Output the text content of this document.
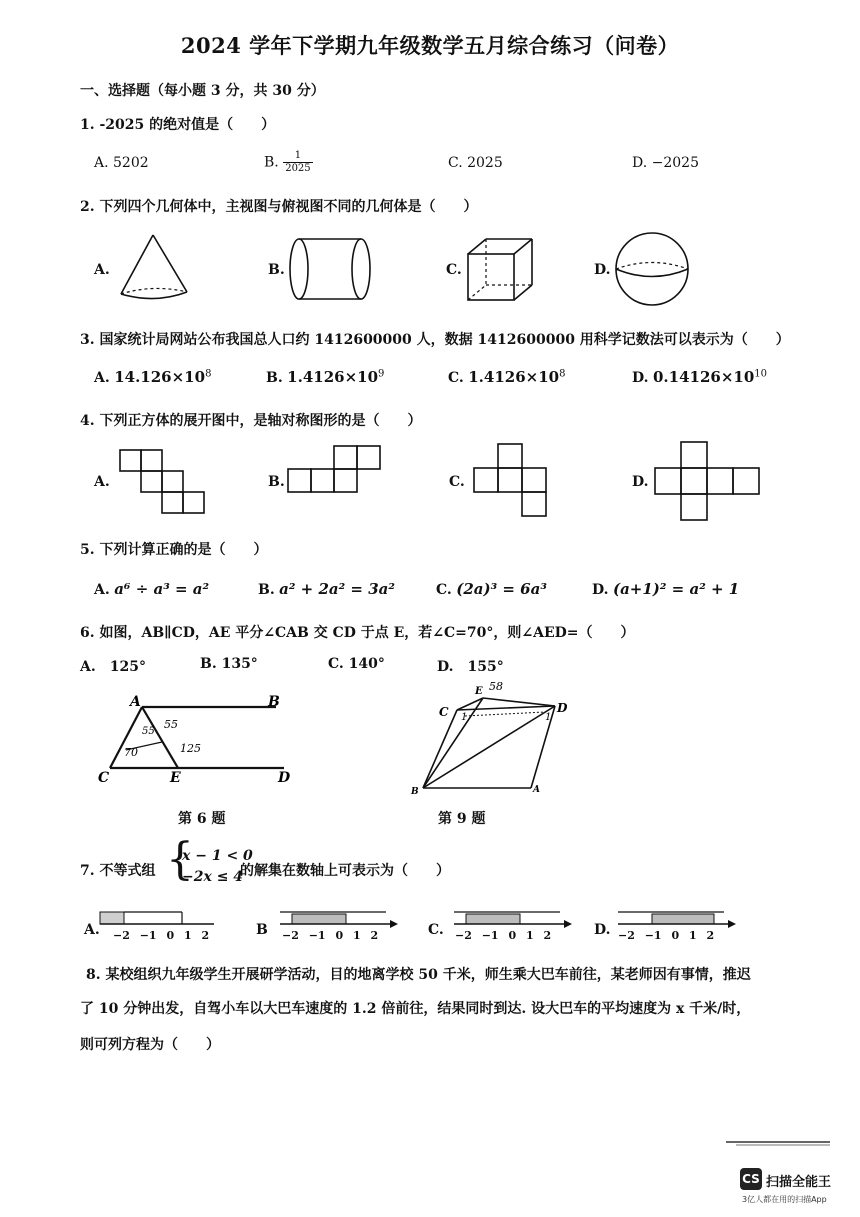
2024 学年下学期九年级数学五月综合练习（问卷）
一、选择题（每小题 3 分，共 30 分）
1. -2025 的绝对值是（　　）
A. 5202	B. $\frac{1}{2025}$	C. 2025	D. −2025
2. 下列四个几何体中，主视图与俯视图不同的几何体是（　　）
A.	B.	C.	D.
3. 国家统计局网站公布我国总人口约 1412600000 人，数据 1412600000 用科学记数法可以表示为（　　）
A. $14.126\times 10^8$	B. $1.4126\times 10^9$	C. $1.4126\times 10^8$	D. $0.14126\times 10^{10}$
4. 下列正方体的展开图中，是轴对称图形的是（　　）
A.	B.	C.	D.
5. 下列计算正确的是（　　）
A. a⁶ ÷ a³ = a²	B. a² + 2a² = 3a²	C. (2a)³ = 6a³	D. (a+1)² = a² + 1
6. 如图，AB∥CD，AE 平分∠CAB 交 CD 于点 E，若∠C=70°，则∠AED=（　　）
A.　125°	B. 135°	C. 140°	D.　155°
A	B
C	E	D
55
55
70	125
第 6 题
B	A
C	D
E 58
1	1
第 9 题
7. 不等式组 {
x − 1 < 0
−2x ≤ 4
的解集在数轴上可表示为（　　）
A. −2 −1 0 1 2	B −2 −1 0 1 2	C. −2 −1 0 1 2	D. −2 −1 0 1 2
8. 某校组织九年级学生开展研学活动，目的地离学校 50 千米，师生乘大巴车前往，某老师因有事情，推迟
了 10 分钟出发，自驾小车以大巴车速度的 1.2 倍前往，结果同时到达. 设大巴车的平均速度为 x 千米/时，
则可列方程为（　　）
CS 扫描全能王
3亿人都在用的扫描App
